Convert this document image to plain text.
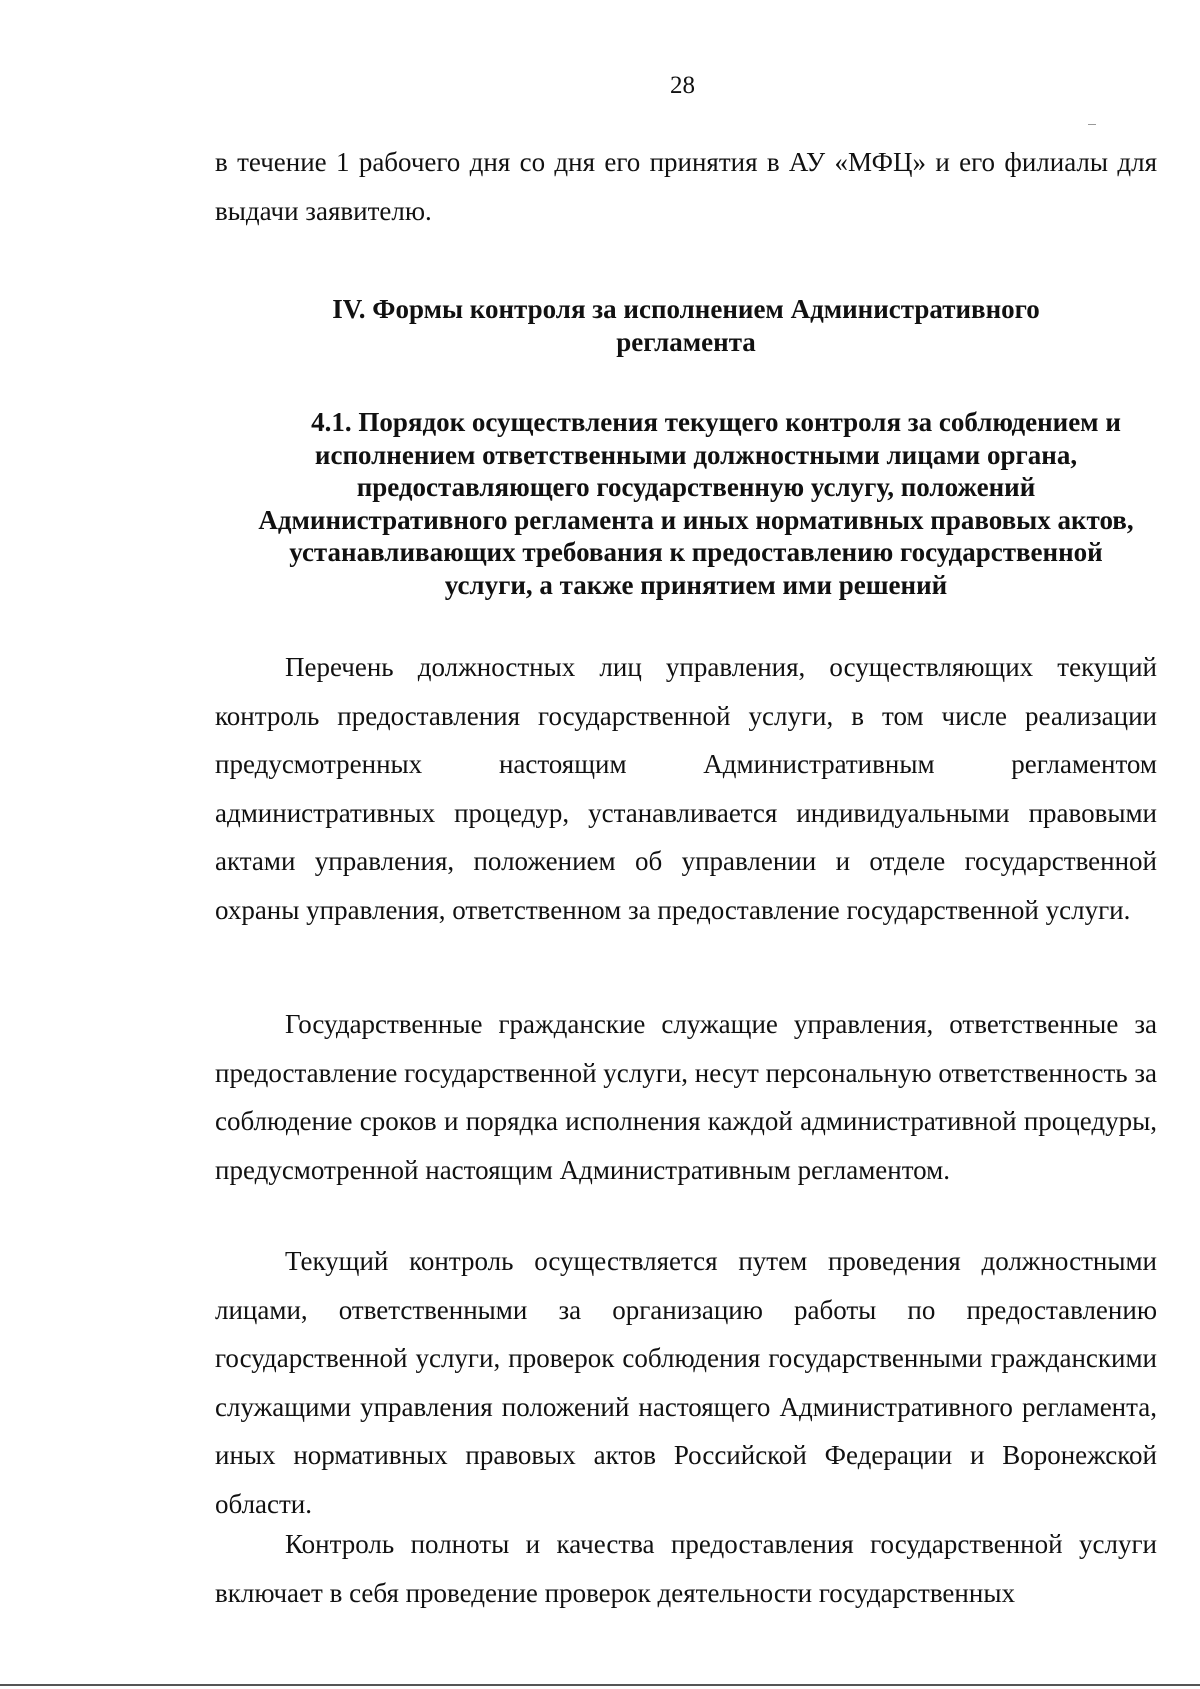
28

в течение 1 рабочего дня со дня его принятия в АУ «МФЦ» и его филиалы для выдачи заявителю.

IV. Формы контроля за исполнением Административного
регламента
4.1. Порядок осуществления текущего контроля за соблюдением и
исполнением ответственными должностными лицами органа,
предоставляющего государственную услугу, положений
Административного регламента и иных нормативных правовых актов,
устанавливающих требования к предоставлению государственной
услуги, а также принятием ими решений

Перечень должностных лиц управления, осуществляющих текущий контроль предоставления государственной услуги, в том числе реализации предусмотренных настоящим Административным регламентом административных процедур, устанавливается индивидуальными правовыми актами управления, положением об управлении и отделе государственной охраны управления, ответственном за предоставление государственной услуги.

Государственные гражданские служащие управления, ответственные за предоставление государственной услуги, несут персональную ответственность за соблюдение сроков и порядка исполнения каждой административной процедуры, предусмотренной настоящим Административным регламентом.

Текущий контроль осуществляется путем проведения должностными лицами, ответственными за организацию работы по предоставлению государственной услуги, проверок соблюдения государственными гражданскими служащими управления положений настоящего Административного регламента, иных нормативных правовых актов Российской Федерации и Воронежской области.

Контроль полноты и качества предоставления государственной услуги включает в себя проведение проверок деятельности государственных
